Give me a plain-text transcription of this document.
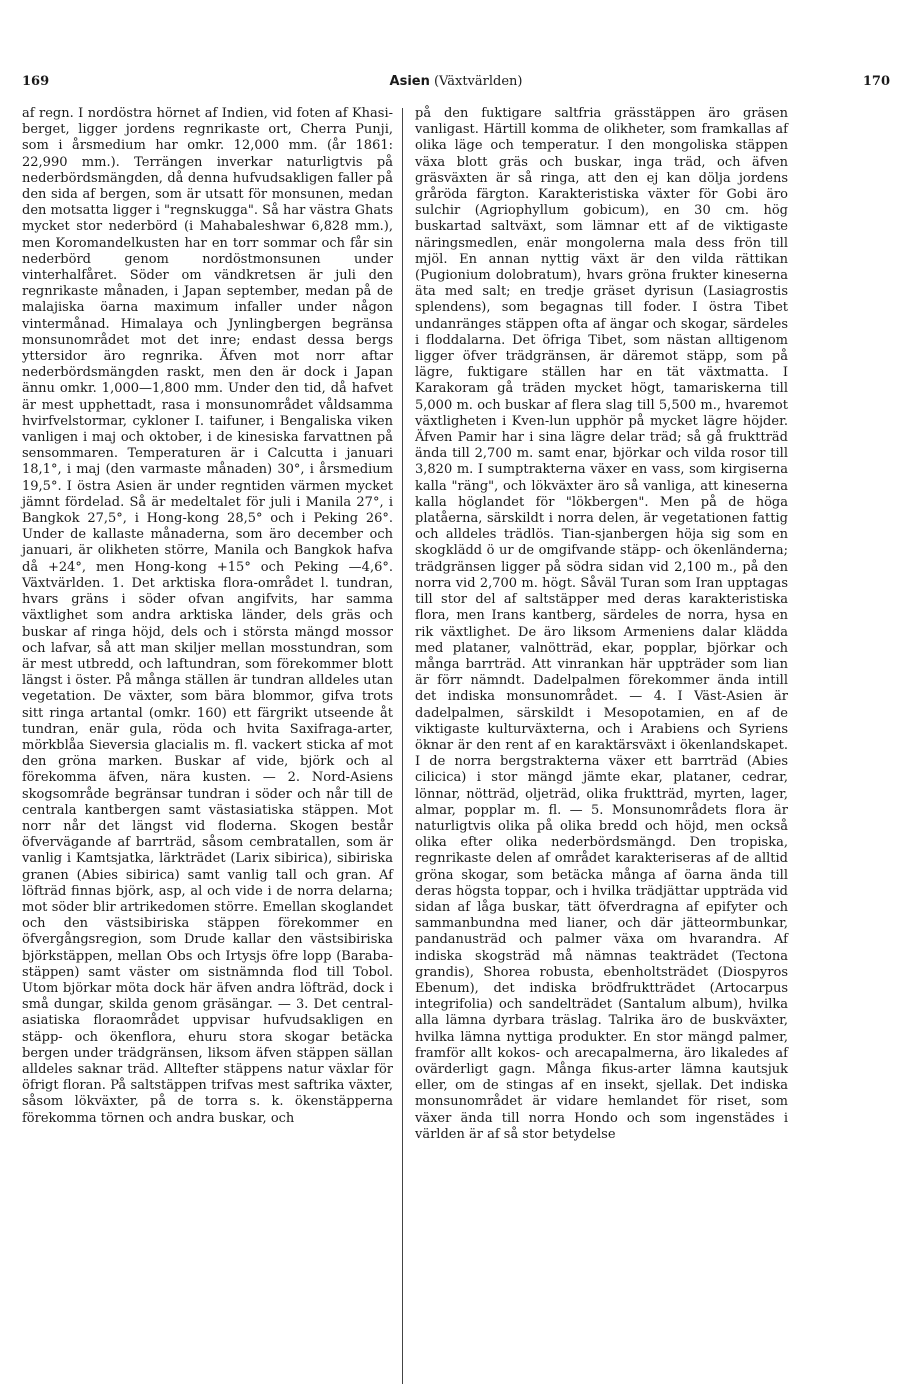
169	Asien (Växtvärlden)	170

af regn. I nordöstra hörnet af Indien, vid foten af Khasi-berget, ligger jordens regnrikaste ort, Cherra Punji, som i årsmedium har omkr. 12,000 mm. (år 1861: 22,990 mm.). Terrängen inverkar naturligtvis på nederbördsmängden, då denna hufvudsakligen faller på den sida af bergen, som är utsatt för monsunen, medan den motsatta ligger i "regnskugga". Så har västra Ghats mycket stor nederbörd (i Mahabaleshwar 6,828 mm.), men Koromandelkusten har en torr sommar och får sin nederbörd genom nordöstmonsunen under vinterhalfåret. Söder om vändkretsen är juli den regnrikaste månaden, i Japan september, medan på de malajiska öarna maximum infaller under någon vintermånad. Himalaya och Jynlingbergen begränsa monsunområdet mot det inre; endast dessa bergs yttersidor äro regnrika. Äfven mot norr aftar nederbördsmängden raskt, men den är dock i Japan ännu omkr. 1,000—1,800 mm. Under den tid, då hafvet är mest upphettadt, rasa i monsunområdet våldsamma hvirfvelstormar, cykloner I. taifuner, i Bengaliska viken vanligen i maj och oktober, i de kinesiska farvattnen på sensommaren. Temperaturen är i Calcutta i januari 18,1°, i maj (den varmaste månaden) 30°, i årsmedium 19,5°. I östra Asien är under regntiden värmen mycket jämnt fördelad. Så är medeltalet för juli i Manila 27°, i Bangkok 27,5°, i Hong-kong 28,5° och i Peking 26°. Under de kallaste månaderna, som äro december och januari, är olikheten större, Manila och Bangkok hafva då +24°, men Hong-kong +15° och Peking —4,6°. Växtvärlden. 1. Det arktiska flora-området l. tundran, hvars gräns i söder ofvan angifvits, har samma växtlighet som andra arktiska länder, dels gräs och buskar af ringa höjd, dels och i största mängd mossor och lafvar, så att man skiljer mellan mosstundran, som är mest utbredd, och laftundran, som förekommer blott längst i öster. På många ställen är tundran alldeles utan vegetation. De växter, som bära blommor, gifva trots sitt ringa artantal (omkr. 160) ett färgrikt utseende åt tundran, enär gula, röda och hvita Saxifraga-arter, mörkblåa Sieversia glacialis m. fl. vackert sticka af mot den gröna marken. Buskar af vide, björk och al förekomma äfven, nära kusten. — 2. Nord-Asiens skogsområde begränsar tundran i söder och når till de centrala kantbergen samt västasiatiska stäppen. Mot norr når det längst vid floderna. Skogen består öfvervägande af barrträd, såsom cembratallen, som är vanlig i Kamtsjatka, lärkträdet (Larix sibirica), sibiriska granen (Abies sibirica) samt vanlig tall och gran. Af löfträd finnas björk, asp, al och vide i de norra delarna; mot söder blir artrikedomen större. Emellan skoglandet och den västsibiriska stäppen förekommer en öfvergångsregion, som Drude kallar den västsibiriska björkstäppen, mellan Obs och Irtysjs öfre lopp (Baraba-stäppen) samt väster om sistnämnda flod till Tobol. Utom björkar möta dock här äfven andra löfträd, dock i små dungar, skilda genom gräsängar. — 3. Det central-asiatiska floraområdet uppvisar hufvudsakligen en stäpp- och ökenflora, ehuru stora skogar betäcka bergen under trädgränsen, liksom äfven stäppen sällan alldeles saknar träd. Alltefter stäppens natur växlar för öfrigt floran. På saltstäppen trifvas mest saftrika växter, såsom lökväxter, på de torra s. k. ökenstäpperna förekomma törnen och andra buskar, och

på den fuktigare saltfria grässtäppen äro gräsen vanligast. Härtill komma de olikheter, som framkallas af olika läge och temperatur. I den mongoliska stäppen växa blott gräs och buskar, inga träd, och äfven gräsväxten är så ringa, att den ej kan dölja jordens gråröda färgton. Karakteristiska växter för Gobi äro sulchir (Agriophyllum gobicum), en 30 cm. hög buskartad saltväxt, som lämnar ett af de viktigaste näringsmedlen, enär mongolerna mala dess frön till mjöl. En annan nyttig växt är den vilda rättikan (Pugionium dolobratum), hvars gröna frukter kineserna äta med salt; en tredje gräset dyrisun (Lasiagrostis splendens), som begagnas till foder. I östra Tibet undanränges stäppen ofta af ängar och skogar, särdeles i floddalarna. Det öfriga Tibet, som nästan alltigenom ligger öfver trädgränsen, är däremot stäpp, som på lägre, fuktigare ställen har en tät växtmatta. I Karakoram gå träden mycket högt, tamariskerna till 5,000 m. och buskar af flera slag till 5,500 m., hvaremot växtligheten i Kven-lun upphör på mycket lägre höjder. Äfven Pamir har i sina lägre delar träd; så gå fruktträd ända till 2,700 m. samt enar, björkar och vilda rosor till 3,820 m. I sumptrakterna växer en vass, som kirgiserna kalla "räng", och lökväxter äro så vanliga, att kineserna kalla höglandet för "lökbergen". Men på de höga platåerna, särskildt i norra delen, är vegetationen fattig och alldeles trädlös. Tian-sjanbergen höja sig som en skogklädd ö ur de omgifvande stäpp- och ökenländerna; trädgränsen ligger på södra sidan vid 2,100 m., på den norra vid 2,700 m. högt. Såväl Turan som Iran upptagas till stor del af saltstäpper med deras karakteristiska flora, men Irans kantberg, särdeles de norra, hysa en rik växtlighet. De äro liksom Armeniens dalar klädda med plataner, valnötträd, ekar, popplar, björkar och många barrträd. Att vinrankan här uppträder som lian är förr nämndt. Dadelpalmen förekommer ända intill det indiska monsunområdet. — 4. I Väst-Asien är dadelpalmen, särskildt i Mesopotamien, en af de viktigaste kulturväxterna, och i Arabiens och Syriens öknar är den rent af en karaktärsväxt i ökenlandskapet. I de norra bergstrakterna växer ett barrträd (Abies cilicica) i stor mängd jämte ekar, plataner, cedrar, lönnar, nötträd, oljeträd, olika fruktträd, myrten, lager, almar, popplar m. fl. — 5. Monsunområdets flora är naturligtvis olika på olika bredd och höjd, men också olika efter olika nederbördsmängd. Den tropiska, regnrikaste delen af området karakteriseras af de alltid gröna skogar, som betäcka många af öarna ända till deras högsta toppar, och i hvilka trädjättar uppträda vid sidan af låga buskar, tätt öfverdragna af epifyter och sammanbundna med lianer, och där jätteormbunkar, pandanusträd och palmer växa om hvarandra. Af indiska skogsträd må nämnas teakträdet (Tectona grandis), Shorea robusta, ebenholtsträdet (Diospyros Ebenum), det indiska brödfruktträdet (Artocarpus integrifolia) och sandelträdet (Santalum album), hvilka alla lämna dyrbara träslag. Talrika äro de buskväxter, hvilka lämna nyttiga produkter. En stor mängd palmer, framför allt kokos- och arecapalmerna, äro likaledes af ovärderligt gagn. Många fikus-arter lämna kautsjuk eller, om de stingas af en insekt, sjellak. Det indiska monsunområdet är vidare hemlandet för riset, som växer ända till norra Hondo och som ingenstädes i världen är af så stor betydelse
